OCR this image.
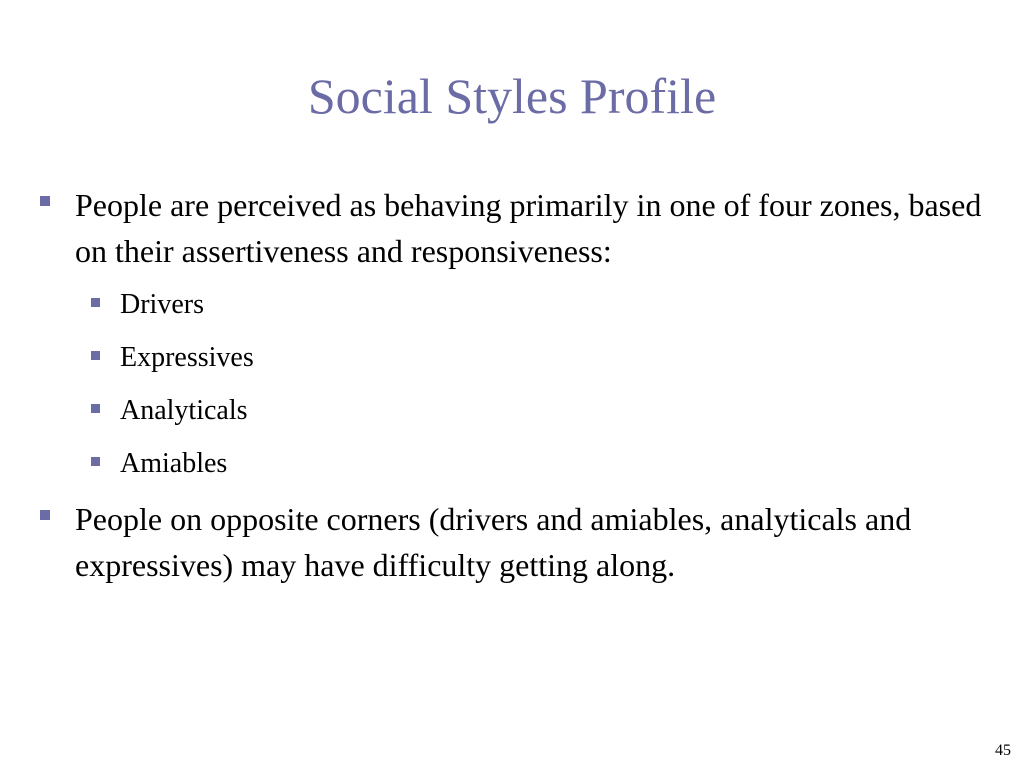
Social Styles Profile
People are perceived as behaving primarily in one of four zones, based on their assertiveness and responsiveness:
Drivers
Expressives
Analyticals
Amiables
People on opposite corners (drivers and amiables, analyticals and expressives) may have difficulty getting along.
45
